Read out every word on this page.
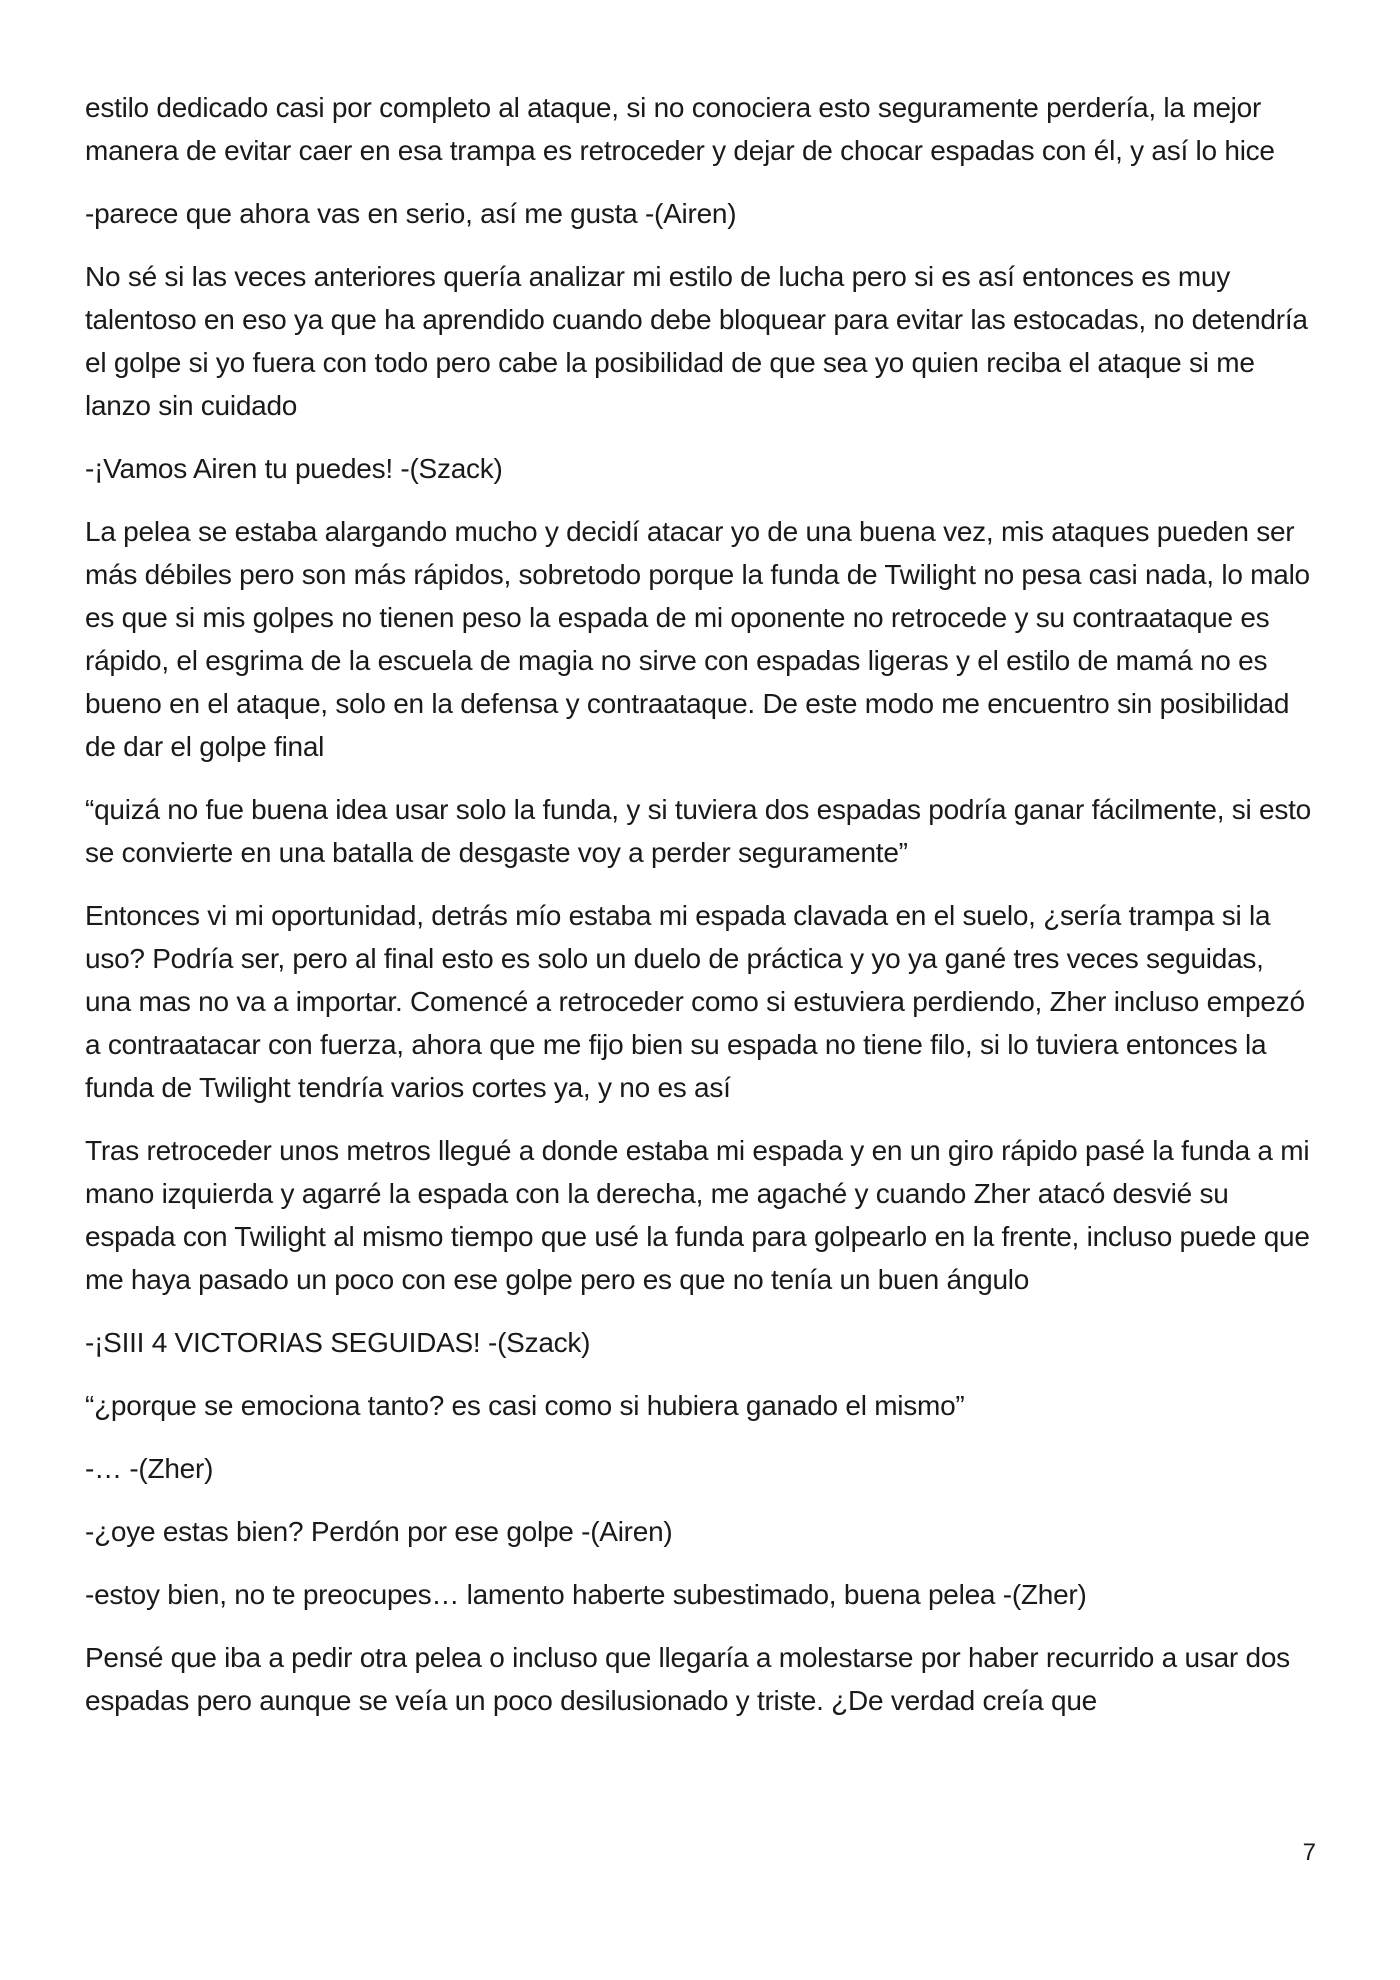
estilo dedicado casi por completo al ataque, si no conociera esto seguramente perdería, la mejor manera de evitar caer en esa trampa es retroceder y dejar de chocar espadas con él, y así lo hice

-parece que ahora vas en serio, así me gusta -(Airen)

No sé si las veces anteriores quería analizar mi estilo de lucha pero si es así entonces es muy talentoso en eso ya que ha aprendido cuando debe bloquear para evitar las estocadas, no detendría el golpe si yo fuera con todo pero cabe la posibilidad de que sea yo quien reciba el ataque si me lanzo sin cuidado

-¡Vamos Airen tu puedes! -(Szack)

La pelea se estaba alargando mucho y decidí atacar yo de una buena vez, mis ataques pueden ser más débiles pero son más rápidos, sobretodo porque la funda de Twilight no pesa casi nada, lo malo es que si mis golpes no tienen peso la espada de mi oponente no retrocede y su contraataque es rápido, el esgrima de la escuela de magia no sirve con espadas ligeras y el estilo de mamá no es bueno en el ataque, solo en la defensa y contraataque. De este modo me encuentro sin posibilidad de dar el golpe final

“quizá no fue buena idea usar solo la funda, y si tuviera dos espadas podría ganar fácilmente, si esto se convierte en una batalla de desgaste voy a perder seguramente”

Entonces vi mi oportunidad, detrás mío estaba mi espada clavada en el suelo, ¿sería trampa si la uso? Podría ser, pero al final esto es solo un duelo de práctica y yo ya gané tres veces seguidas, una mas no va a importar. Comencé a retroceder como si estuviera perdiendo, Zher incluso empezó a contraatacar con fuerza, ahora que me fijo bien su espada no tiene filo, si lo tuviera entonces la funda de Twilight tendría varios cortes ya, y no es así

Tras retroceder unos metros llegué a donde estaba mi espada y en un giro rápido pasé la funda a mi mano izquierda y agarré la espada con la derecha, me agaché y cuando Zher atacó desvié su espada con Twilight al mismo tiempo que usé la funda para golpearlo en la frente, incluso puede que me haya pasado un poco con ese golpe pero es que no tenía un buen ángulo

-¡SIII 4 VICTORIAS SEGUIDAS! -(Szack)

“¿porque se emociona tanto? es casi como si hubiera ganado el mismo”

-… -(Zher)

-¿oye estas bien? Perdón por ese golpe -(Airen)

-estoy bien, no te preocupes… lamento haberte subestimado, buena pelea -(Zher)

Pensé que iba a pedir otra pelea o incluso que llegaría a molestarse por haber recurrido a usar dos espadas pero aunque se veía un poco desilusionado y triste. ¿De verdad creía que

7
